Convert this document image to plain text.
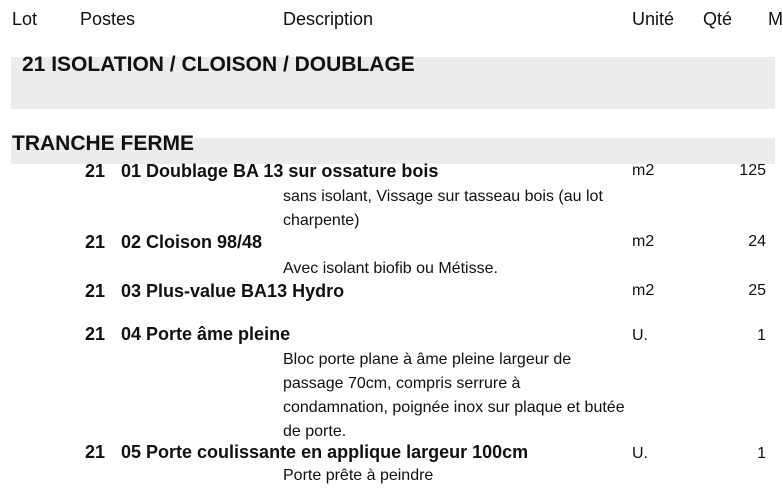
Lot Postes	Description	Unité Qté M
21 ISOLATION / CLOISON / DOUBLAGE
TRANCHE FERME
21 01 Doublage BA 13 sur ossature bois	m2	125
sans isolant, Vissage sur tasseau bois (au lot charpente)
21 02 Cloison 98/48	m2	24
Avec isolant biofib ou Métisse.
21 03 Plus-value BA13 Hydro	m2	25
21 04 Porte âme pleine	U.	1
Bloc porte plane à âme pleine largeur de passage 70cm, compris serrure à condamnation, poignée inox sur plaque et butée de porte.
21 05 Porte coulissante en applique largeur 100cm	U.	1
Porte prête à peindre
